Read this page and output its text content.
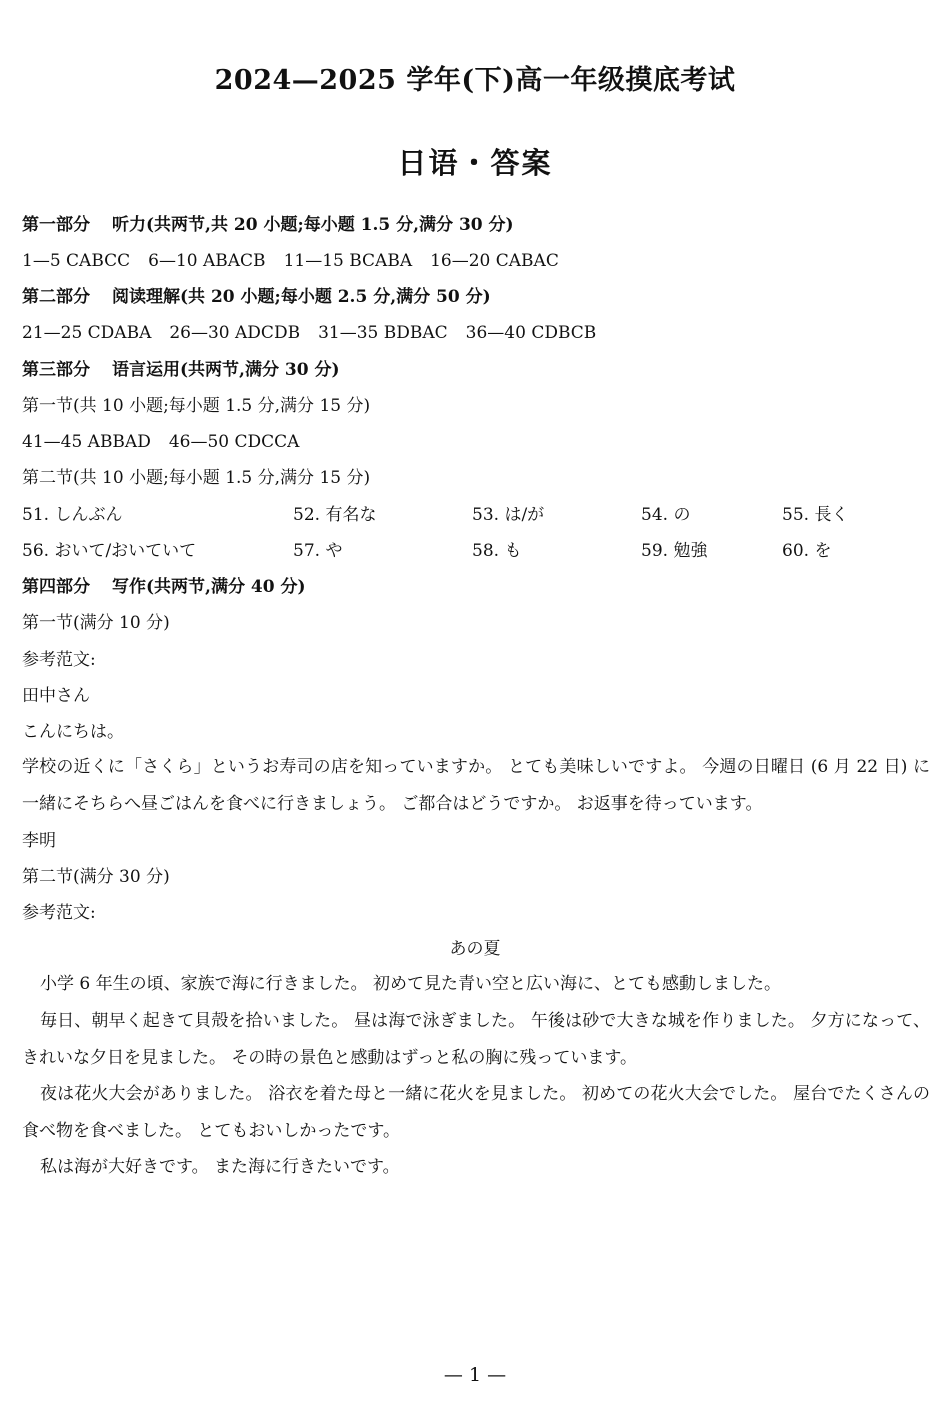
2024—2025 学年(下)高一年级摸底考试
日语・答案
第一部分 听力(共两节,共 20 小题;每小题 1.5 分,满分 30 分)
1—5 CABCC 6—10 ABACB 11—15 BCABA 16—20 CABAC
第二部分 阅读理解(共 20 小题;每小题 2.5 分,满分 50 分)
21—25 CDABA 26—30 ADCDB 31—35 BDBAC 36—40 CDBCB
第三部分 语言运用(共两节,满分 30 分)
第一节(共 10 小题;每小题 1.5 分,满分 15 分)
41—45 ABBAD 46—50 CDCCA
第二节(共 10 小题;每小题 1.5 分,满分 15 分)
51. しんぶん	52. 有名な	53. は/が	54. の	55. 長く
56. おいて/おいていて	57. や	58. も	59. 勉強	60. を
第四部分 写作(共两节,满分 40 分)
第一节(满分 10 分)
参考范文:
田中さん
こんにちは。
学校の近くに「さくら」というお寿司の店を知っていますか。 とても美味しいですよ。 今週の日曜日 (6 月 22 日) に一緒にそちらへ昼ごはんを食べに行きましょう。 ご都合はどうですか。 お返事を待っています。
李明
第二节(满分 30 分)
参考范文:
あの夏
小学 6 年生の頃、家族で海に行きました。 初めて見た青い空と広い海に、とても感動しました。
毎日、朝早く起きて貝殻を拾いました。 昼は海で泳ぎました。 午後は砂で大きな城を作りました。 夕方になって、きれいな夕日を見ました。 その時の景色と感動はずっと私の胸に残っています。
夜は花火大会がありました。 浴衣を着た母と一緒に花火を見ました。 初めての花火大会でした。 屋台でたくさんの食べ物を食べました。 とてもおいしかったです。
私は海が大好きです。 また海に行きたいです。
— 1 —
